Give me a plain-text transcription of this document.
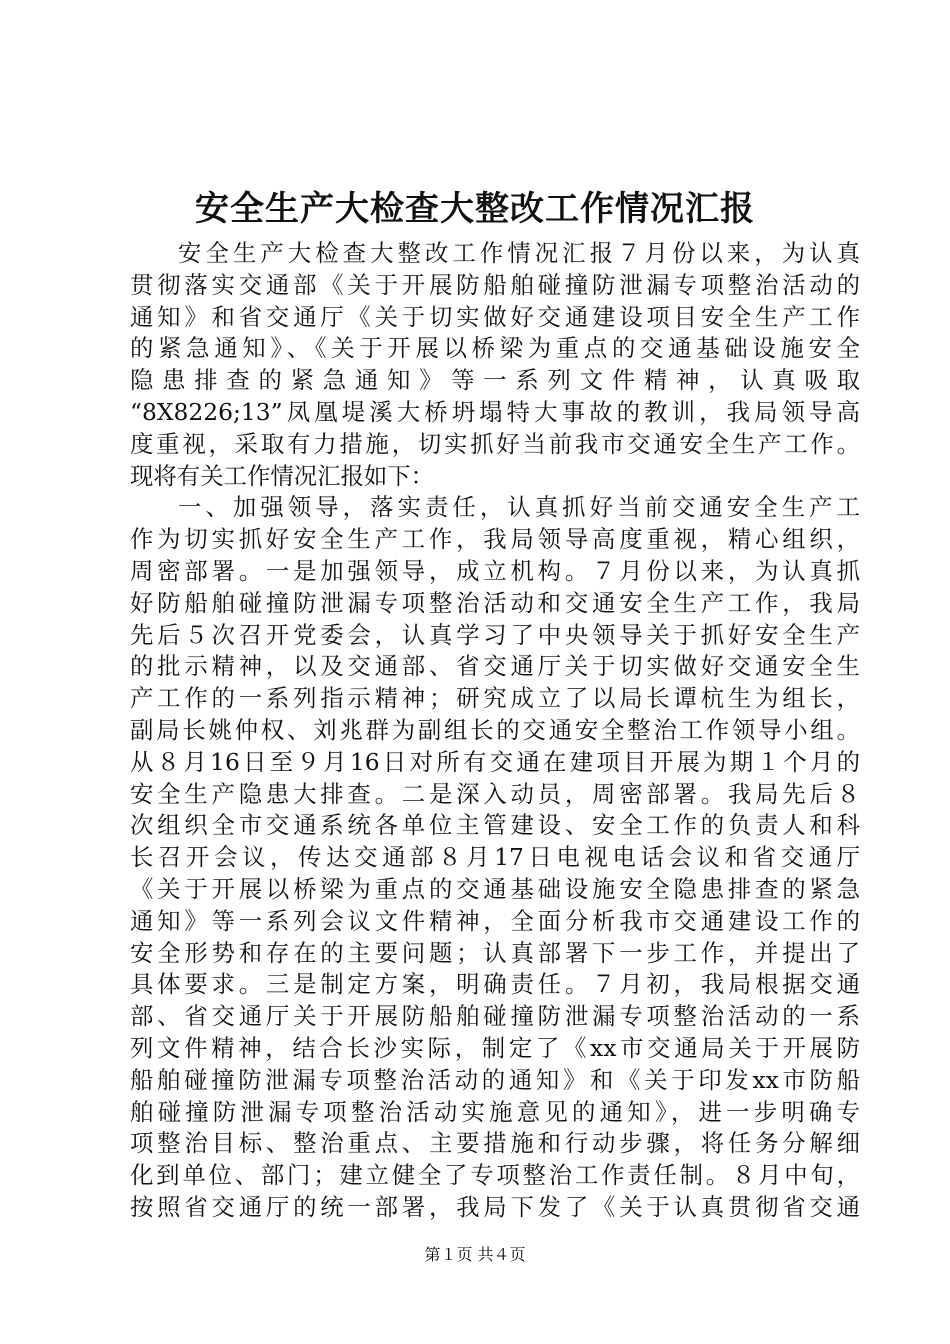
安全生产大检查大整改工作情况汇报
安全生产大检查大整改工作情况汇报７月份以来，为认真
贯彻落实交通部《关于开展防船舶碰撞防泄漏专项整治活动的
通知》和省交通厅《关于切实做好交通建设项目安全生产工作
的紧急通知》、《关于开展以桥梁为重点的交通基础设施安全
隐患排查的紧急通知》等一系列文件精神，认真吸取
“8X8226;13”凤凰堤溪大桥坍塌特大事故的教训，我局领导高
度重视，采取有力措施，切实抓好当前我市交通安全生产工作。
现将有关工作情况汇报如下：
一、加强领导，落实责任，认真抓好当前交通安全生产工
作为切实抓好安全生产工作，我局领导高度重视，精心组织，
周密部署。一是加强领导，成立机构。７月份以来，为认真抓
好防船舶碰撞防泄漏专项整治活动和交通安全生产工作，我局
先后５次召开党委会，认真学习了中央领导关于抓好安全生产
的批示精神，以及交通部、省交通厅关于切实做好交通安全生
产工作的一系列指示精神；研究成立了以局长谭杭生为组长，
副局长姚仲权、刘兆群为副组长的交通安全整治工作领导小组。
从８月16日至９月16日对所有交通在建项目开展为期１个月的
安全生产隐患大排查。二是深入动员，周密部署。我局先后８
次组织全市交通系统各单位主管建设、安全工作的负责人和科
长召开会议，传达交通部８月17日电视电话会议和省交通厅
《关于开展以桥梁为重点的交通基础设施安全隐患排查的紧急
通知》等一系列会议文件精神，全面分析我市交通建设工作的
安全形势和存在的主要问题；认真部署下一步工作，并提出了
具体要求。三是制定方案，明确责任。７月初，我局根据交通
部、省交通厅关于开展防船舶碰撞防泄漏专项整治活动的一系
列文件精神，结合长沙实际，制定了《xx市交通局关于开展防
船舶碰撞防泄漏专项整治活动的通知》和《关于印发xx市防船
舶碰撞防泄漏专项整治活动实施意见的通知》，进一步明确专
项整治目标、整治重点、主要措施和行动步骤，将任务分解细
化到单位、部门；建立健全了专项整治工作责任制。８月中旬，
按照省交通厅的统一部署，我局下发了《关于认真贯彻省交通
第１页 共４页
